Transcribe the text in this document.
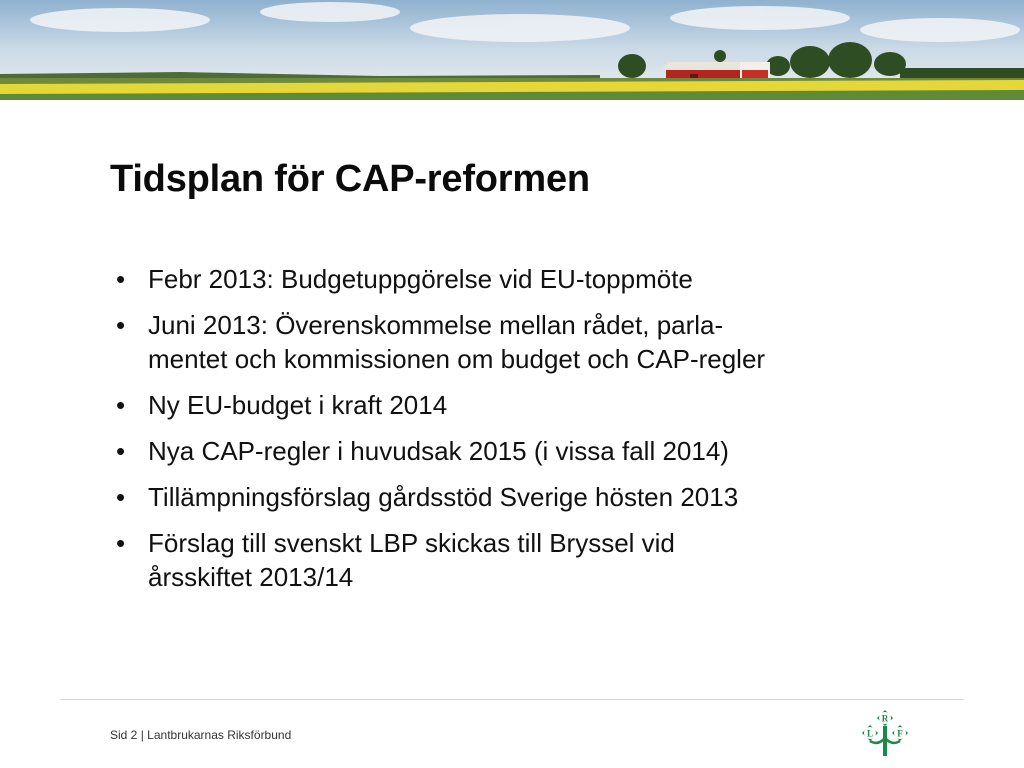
Tidsplan för CAP-reformen
• Febr 2013: Budgetuppgörelse vid EU-toppmöte
• Juni 2013: Överenskommelse mellan rådet, parla-
mentet och kommissionen om budget och CAP-regler
• Ny EU-budget i kraft 2014
• Nya CAP-regler i huvudsak 2015 (i vissa fall 2014)
• Tillämpningsförslag gårdsstöd Sverige hösten 2013
• Förslag till svenskt LBP skickas till Bryssel vid
årsskiftet 2013/14
Sid 2 | Lantbrukarnas Riksförbund
R
L	F
